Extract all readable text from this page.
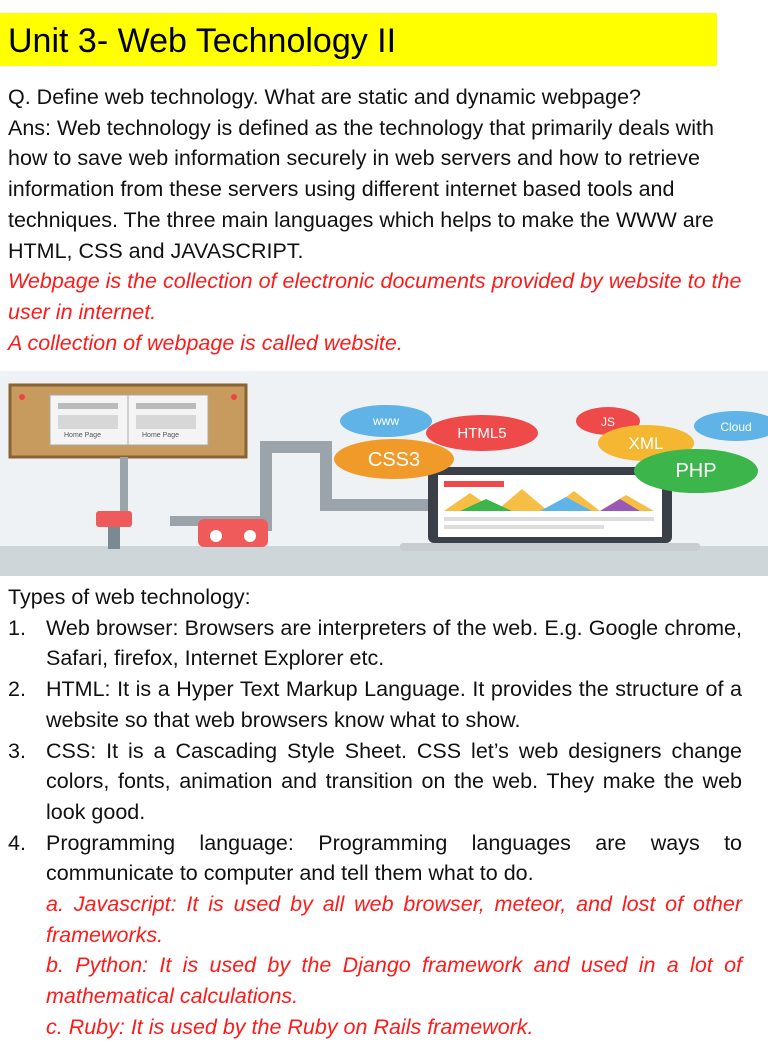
Unit 3- Web Technology II

Q. Define web technology. What are static and dynamic webpage?

Ans: Web technology is defined as the technology that primarily deals with how to save web information securely in web servers and how to retrieve information from these servers using different internet based tools and techniques. The three main languages which helps to make the WWW are HTML, CSS and JAVASCRIPT.

Webpage is the collection of electronic documents provided by website to the user in internet.

A collection of webpage is called website.

Home Page	Home Page
www
HTML5
CSS3
JS
XML
Cloud
PHP

Types of web technology:

1. Web browser: Browsers are interpreters of the web. E.g. Google chrome, Safari, firefox, Internet Explorer etc.
2. HTML: It is a Hyper Text Markup Language. It provides the structure of a website so that web browsers know what to show.
3. CSS: It is a Cascading Style Sheet. CSS let’s web designers change colors, fonts, animation and transition on the web. They make the web look good.
4. Programming language: Programming languages are ways to communicate to computer and tell them what to do.

a. Javascript: It is used by all web browser, meteor, and lost of other frameworks.

b. Python: It is used by the Django framework and used in a lot of mathematical calculations.

c. Ruby: It is used by the Ruby on Rails framework.
